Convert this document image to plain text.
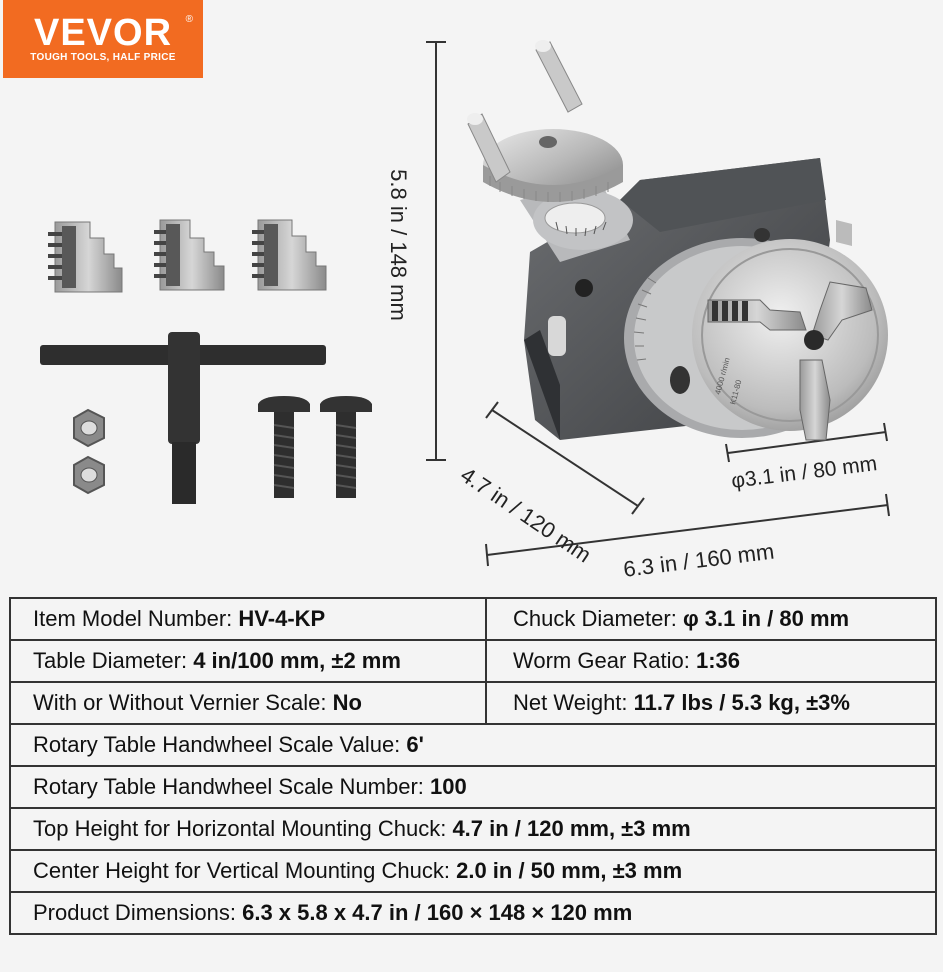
VEVOR	®
TOUGH TOOLS, HALF PRICE
4000 r/min
K11-80
5.8 in / 148 mm
4.7 in / 120 mm	φ3.1 in / 80 mm
6.3 in / 160 mm
Item Model Number: HV-4-KP	Chuck Diameter: φ 3.1 in / 80 mm
Table Diameter: 4 in/100 mm, ±2 mm	Worm Gear Ratio: 1:36
With or Without Vernier Scale: No	Net Weight: 11.7 lbs / 5.3 kg, ±3%
Rotary Table Handwheel Scale Value: 6'	
Rotary Table Handwheel Scale Number: 100	
Top Height for Horizontal Mounting Chuck: 4.7 in / 120 mm, ±3 mm	
Center Height for Vertical Mounting Chuck: 2.0 in / 50 mm, ±3 mm	
Product Dimensions: 6.3 x 5.8 x 4.7 in / 160 × 148 × 120 mm	
